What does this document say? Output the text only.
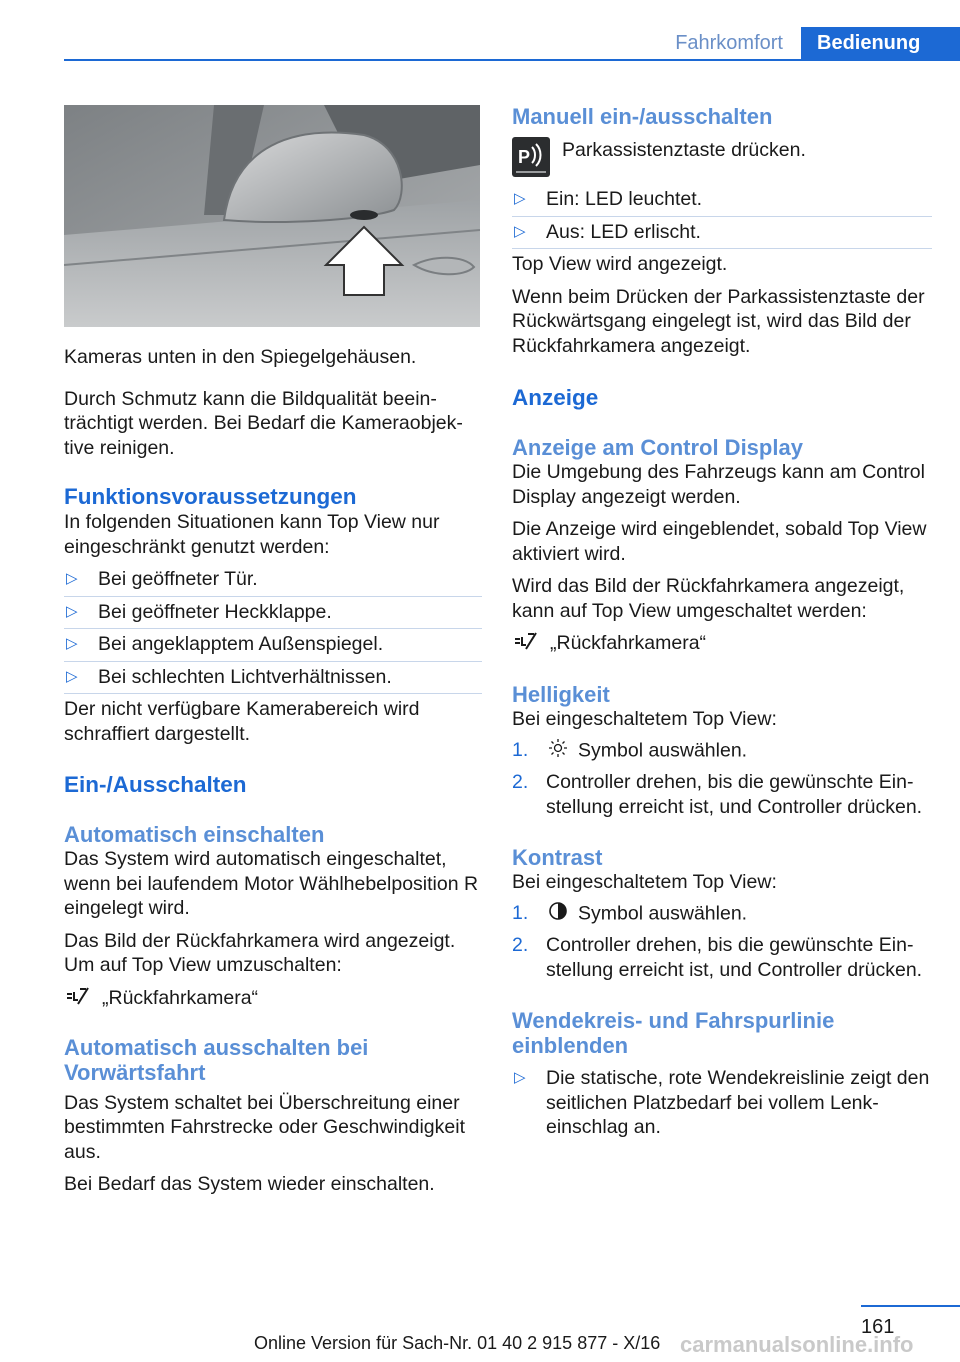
Fahrkomfort	Bedienung

Kameras unten in den Spiegelgehäusen.

Durch Schmutz kann die Bildqualität beeinträchtigt werden. Bei Bedarf die Kameraobjektive reinigen.

Funktionsvoraussetzungen

In folgenden Situationen kann Top View nur eingeschränkt genutzt werden:

▷ Bei geöffneter Tür.
▷ Bei geöffneter Heckklappe.
▷ Bei angeklapptem Außenspiegel.
▷ Bei schlechten Lichtverhältnissen.

Der nicht verfügbare Kamerabereich wird schraffiert dargestellt.

Ein-/Ausschalten
Automatisch einschalten

Das System wird automatisch eingeschaltet, wenn bei laufendem Motor Wählhebelposition R eingelegt wird.

Das Bild der Rückfahrkamera wird angezeigt. Um auf Top View umzuschalten:

„Rückfahrkamera“
Automatisch ausschalten bei Vorwärtsfahrt

Das System schaltet bei Überschreitung einer bestimmten Fahrstrecke oder Geschwindigkeit aus.

Bei Bedarf das System wieder einschalten.

Manuell ein-/ausschalten
P Parkassistenztaste drücken.
▷ Ein: LED leuchtet.
▷ Aus: LED erlischt.

Top View wird angezeigt.

Wenn beim Drücken der Parkassistenztaste der Rückwärtsgang eingelegt ist, wird das Bild der Rückfahrkamera angezeigt.

Anzeige
Anzeige am Control Display

Die Umgebung des Fahrzeugs kann am Control Display angezeigt werden.

Die Anzeige wird eingeblendet, sobald Top View aktiviert wird.

Wird das Bild der Rückfahrkamera angezeigt, kann auf Top View umgeschaltet werden:

„Rückfahrkamera“
Helligkeit

Bei eingeschaltetem Top View:

1.	Symbol auswählen.
2. Controller drehen, bis die gewünschte Einstellung erreicht ist, und Controller drücken.
Kontrast

Bei eingeschaltetem Top View:

1.	Symbol auswählen.
2. Controller drehen, bis die gewünschte Einstellung erreicht ist, und Controller drücken.
Wendekreis- und Fahrspurlinie einblenden
▷ Die statische, rote Wendekreislinie zeigt den seitlichen Platzbedarf bei vollem Lenkeinschlag an.
161
Online Version für Sach-Nr. 01 40 2 915 877 - X/16 carmanualsonline.info
